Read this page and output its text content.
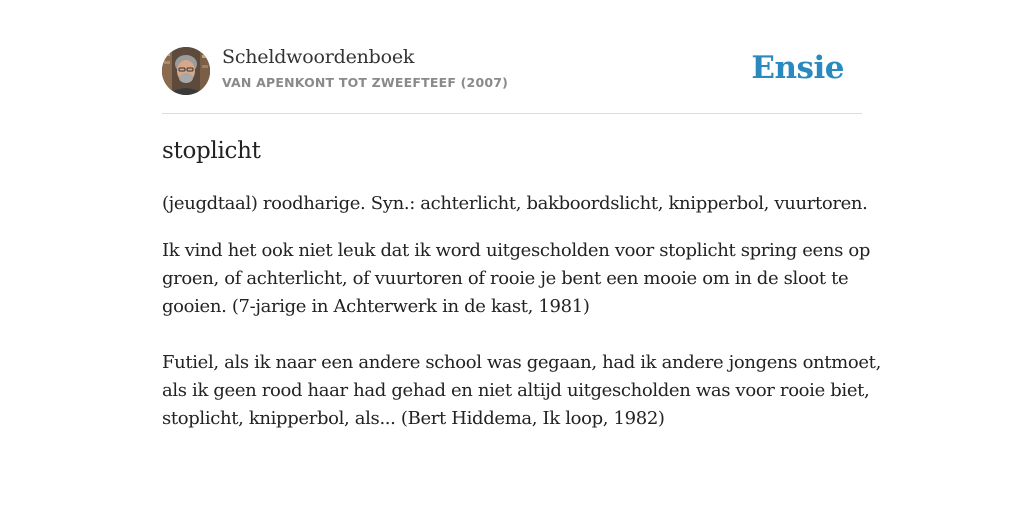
Scheldwoordenboek
VAN APENKONT TOT ZWEEFTEEF (2007)	Ensie
stoplicht
(jeugdtaal) roodharige. Syn.: achterlicht, bakboordslicht, knipperbol, vuurtoren.
Ik vind het ook niet leuk dat ik word uitgescholden voor stoplicht spring eens op
groen, of achterlicht, of vuurtoren of rooie je bent een mooie om in de sloot te
gooien. (7-jarige in Achterwerk in de kast, 1981)
Futiel, als ik naar een andere school was gegaan, had ik andere jongens ontmoet,
als ik geen rood haar had gehad en niet altijd uitgescholden was voor rooie biet,
stoplicht, knipperbol, als... (Bert Hiddema, Ik loop, 1982)
